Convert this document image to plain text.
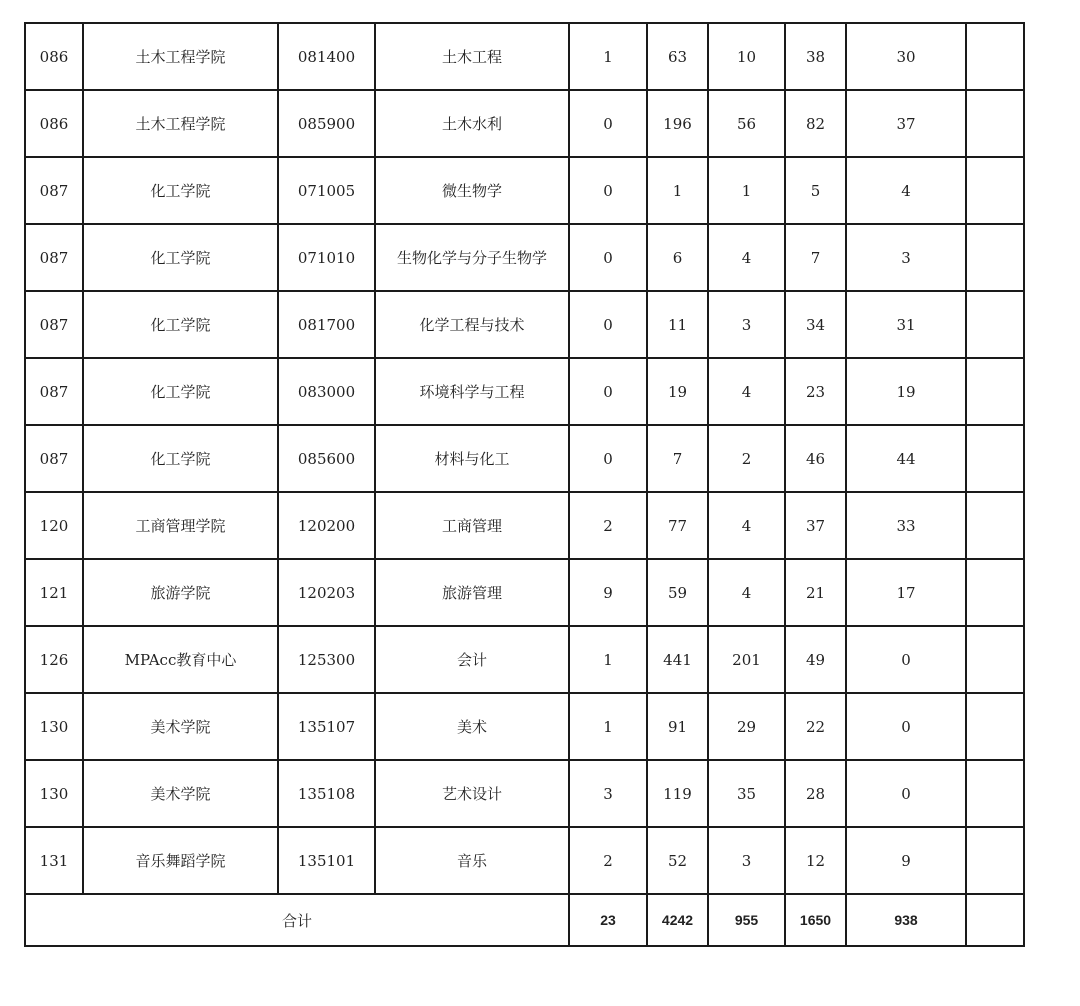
086	土木工程学院	081400	土木工程	1	63	10	38	30	
086	土木工程学院	085900	土木水利	0	196	56	82	37	
087	化工学院	071005	微生物学	0	1	1	5	4	
087	化工学院	071010	生物化学与分子生物学	0	6	4	7	3	
087	化工学院	081700	化学工程与技术	0	11	3	34	31	
087	化工学院	083000	环境科学与工程	0	19	4	23	19	
087	化工学院	085600	材料与化工	0	7	2	46	44	
120	工商管理学院	120200	工商管理	2	77	4	37	33	
121	旅游学院	120203	旅游管理	9	59	4	21	17	
126	MPAcc教育中心	125300	会计	1	441	201	49	0	
130	美术学院	135107	美术	1	91	29	22	0	
130	美术学院	135108	艺术设计	3	119	35	28	0	
131	音乐舞蹈学院	135101	音乐	2	52	3	12	9	
合计				23	4242	955	1650	938	
